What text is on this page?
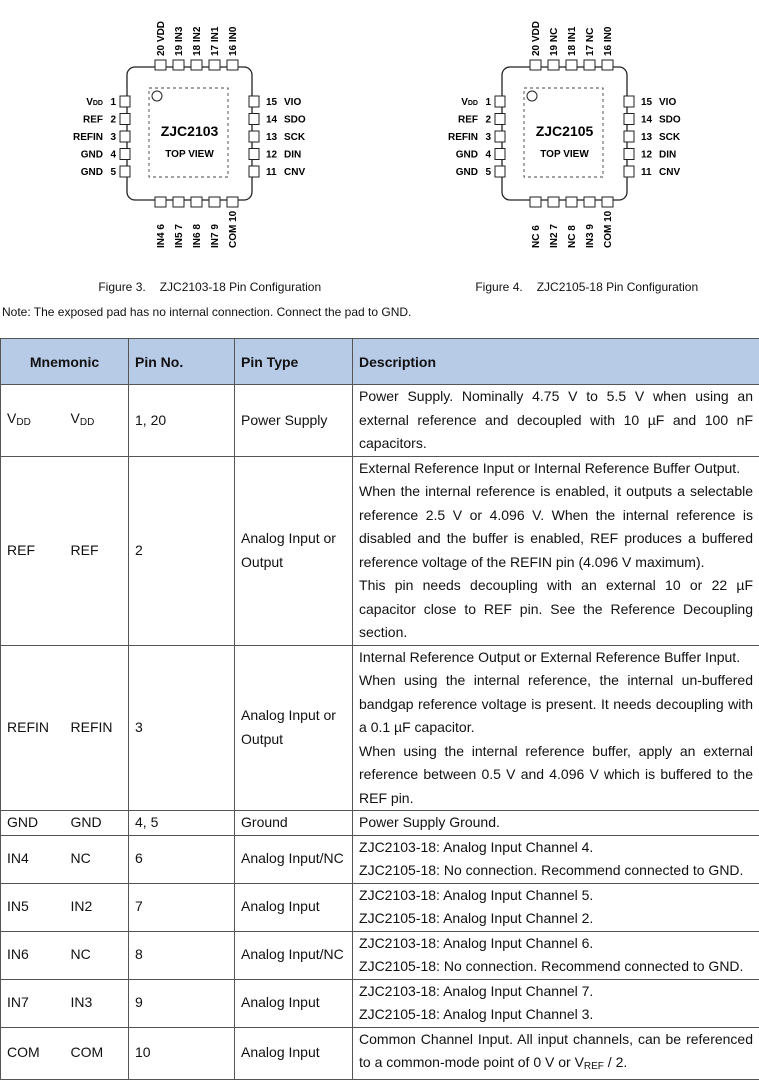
ZJC2103
TOP VIEW
1
VDD
2
REF
3
REFIN
4
GND
5
GND
15 VIO
14 SDO
13 SCK
12 DIN
11 CNV
20 VDD 19 IN3 18 IN2 17 IN1 16 IN0
IN4 6 IN5 7 IN6 8 IN7 9 COM 10

Figure 3. ZJC2103-18 Pin Configuration

ZJC2105
TOP VIEW
1
VDD
2
REF
3
REFIN
4
GND
5
GND
15 VIO
14 SDO
13 SCK
12 DIN
11 CNV
20 VDD 19 NC 18 IN1 17 NC 16 IN0
NC 6 IN2 7 NC 8 IN3 9 COM 10

Figure 4. ZJC2105-18 Pin Configuration

Note: The exposed pad has no internal connection. Connect the pad to GND.
Mnemonic		Pin No.	Pin Type	Description
$V_{DD}$	$V_{DD}$	1, 20	Power Supply	Power Supply. Nominally 4.75 V to 5.5 V when using an external reference and decoupled with 10 µF and 100 nF capacitors.

REF	REF	2	Analog Input or Output	External Reference Input or Internal Reference Buffer Output.
When the internal reference is enabled, it outputs a selectable reference 2.5 V or 4.096 V. When the internal reference is disabled and the buffer is enabled, REF produces a buffered reference voltage of the REFIN pin (4.096 V maximum).
This pin needs decoupling with an external 10 or 22 µF capacitor close to REF pin. See the Reference Decoupling section.

REFIN	REFIN	3	Analog Input or Output	Internal Reference Output or External Reference Buffer Input.
When using the internal reference, the internal un-buffered bandgap reference voltage is present. It needs decoupling with a 0.1 µF capacitor.
When using the internal reference buffer, apply an external reference between 0.5 V and 4.096 V which is buffered to the REF pin.

GND	GND	4, 5	Ground	Power Supply Ground.

IN4	NC	6	Analog Input/NC	ZJC2103-18: Analog Input Channel 4.
ZJC2105-18: No connection. Recommend connected to GND.

IN5	IN2	7	Analog Input	ZJC2103-18: Analog Input Channel 5.
ZJC2105-18: Analog Input Channel 2.

IN6	NC	8	Analog Input/NC	ZJC2103-18: Analog Input Channel 6.
ZJC2105-18: No connection. Recommend connected to GND.

IN7	IN3	9	Analog Input	ZJC2103-18: Analog Input Channel 7.
ZJC2105-18: Analog Input Channel 3.

COM	COM	10	Analog Input	Common Channel Input. All input channels, can be referenced to a common-mode point of 0 V or $V_{REF} / 2$.
